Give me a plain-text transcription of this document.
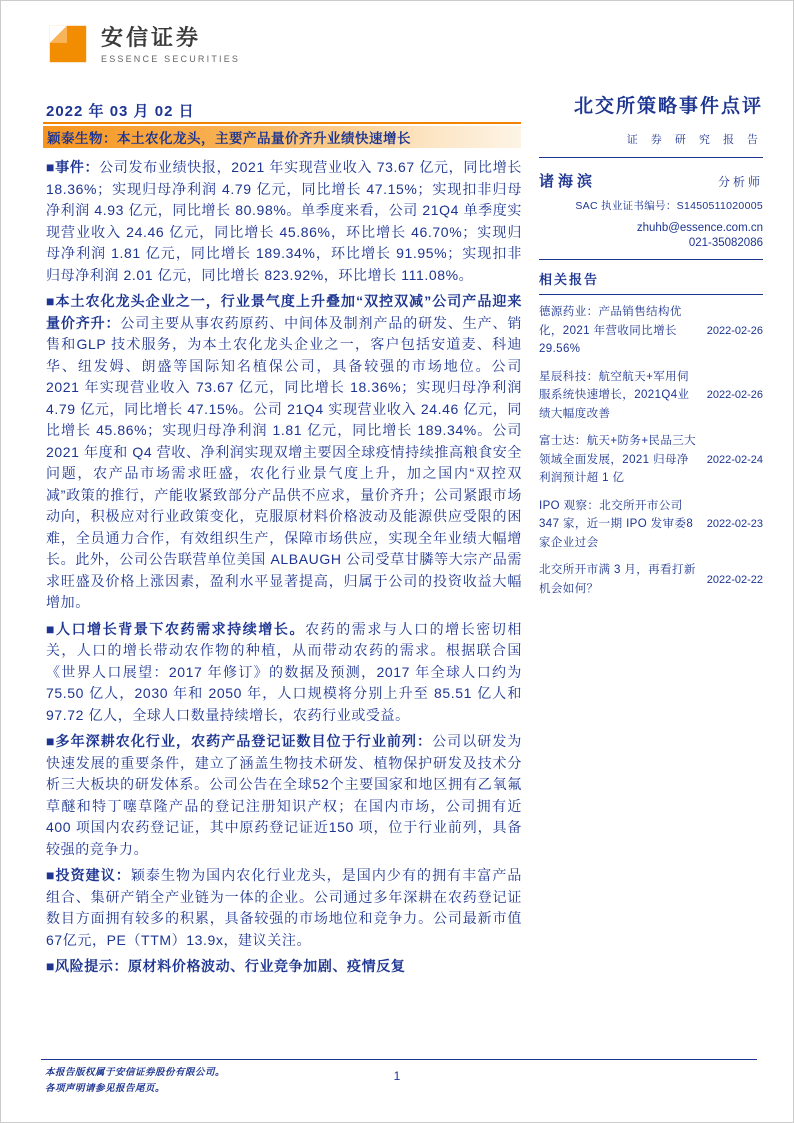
安信证券
ESSENCE SECURITIES
2022 年 03 月 02 日
颖泰生物：本土农化龙头，主要产品量价齐升业绩快速增长

■事件：公司发布业绩快报，2021 年实现营业收入 73.67 亿元，同比增长 18.36%；实现归母净利润 4.79 亿元，同比增长 47.15%；实现扣非归母净利润 4.93 亿元，同比增长 80.98%。单季度来看，公司 21Q4 单季度实现营业收入 24.46 亿元，同比增长 45.86%，环比增长 46.70%；实现归母净利润 1.81 亿元，同比增长 189.34%，环比增长 91.95%；实现扣非归母净利润 2.01 亿元，同比增长 823.92%，环比增长 111.08%。

■本土农化龙头企业之一，行业景气度上升叠加“双控双减”公司产品迎来量价齐升：公司主要从事农药原药、中间体及制剂产品的研发、生产、销售和GLP 技术服务，为本土农化龙头企业之一，客户包括安道麦、科迪华、纽发姆、朗盛等国际知名植保公司，具备较强的市场地位。公司 2021 年实现营业收入 73.67 亿元，同比增长 18.36%；实现归母净利润 4.79 亿元，同比增长 47.15%。公司 21Q4 实现营业收入 24.46 亿元，同比增长 45.86%；实现归母净利润 1.81 亿元，同比增长 189.34%。公司 2021 年度和 Q4 营收、净利润实现双增主要因全球疫情持续推高粮食安全问题，农产品市场需求旺盛，农化行业景气度上升，加之国内“双控双减”政策的推行，产能收紧致部分产品供不应求，量价齐升；公司紧跟市场动向，积极应对行业政策变化，克服原材料价格波动及能源供应受限的困难，全员通力合作，有效组织生产，保障市场供应，实现全年业绩大幅增长。此外，公司公告联营单位美国 ALBAUGH 公司受草甘膦等大宗产品需求旺盛及价格上涨因素，盈利水平显著提高，归属于公司的投资收益大幅增加。

■人口增长背景下农药需求持续增长。农药的需求与人口的增长密切相关，人口的增长带动农作物的种植，从而带动农药的需求。根据联合国《世界人口展望：2017 年修订》的数据及预测，2017 年全球人口约为 75.50 亿人，2030 年和 2050 年，人口规模将分别上升至 85.51 亿人和 97.72 亿人，全球人口数量持续增长，农药行业或受益。

■多年深耕农化行业，农药产品登记证数目位于行业前列：公司以研发为快速发展的重要条件，建立了涵盖生物技术研发、植物保护研发及技术分析三大板块的研发体系。公司公告在全球52个主要国家和地区拥有乙氧氟草醚和特丁噻草隆产品的登记注册知识产权；在国内市场，公司拥有近400 项国内农药登记证，其中原药登记证近150 项，位于行业前列，具备较强的竞争力。

■投资建议：颖泰生物为国内农化行业龙头，是国内少有的拥有丰富产品组合、集研产销全产业链为一体的企业。公司通过多年深耕在农药登记证数目方面拥有较多的积累，具备较强的市场地位和竞争力。公司最新市值67亿元，PE（TTM）13.9x，建议关注。

■风险提示：原材料价格波动、行业竞争加剧、疫情反复

北交所策略事件点评
证 券 研 究 报 告
诸海滨	分析师
SAC 执业证书编号：S1450511020005
zhuhb@essence.com.cn
021-35082086
相关报告
德源药业：产品销售结构优化，2021 年营收同比增长29.56%
2022-02-26
星辰科技：航空航天+军用伺服系统快速增长，2021Q4业绩大幅度改善
2022-02-26
富士达：航天+防务+民品三大领域全面发展，2021 归母净利润预计超 1 亿
2022-02-24
IPO 观察：北交所开市公司347 家，近一期 IPO 发审委8 家企业过会
2022-02-23
北交所开市满 3 月，再看打新机会如何？
2022-02-22
本报告版权属于安信证券股份有限公司。
各项声明请参见报告尾页。
1
